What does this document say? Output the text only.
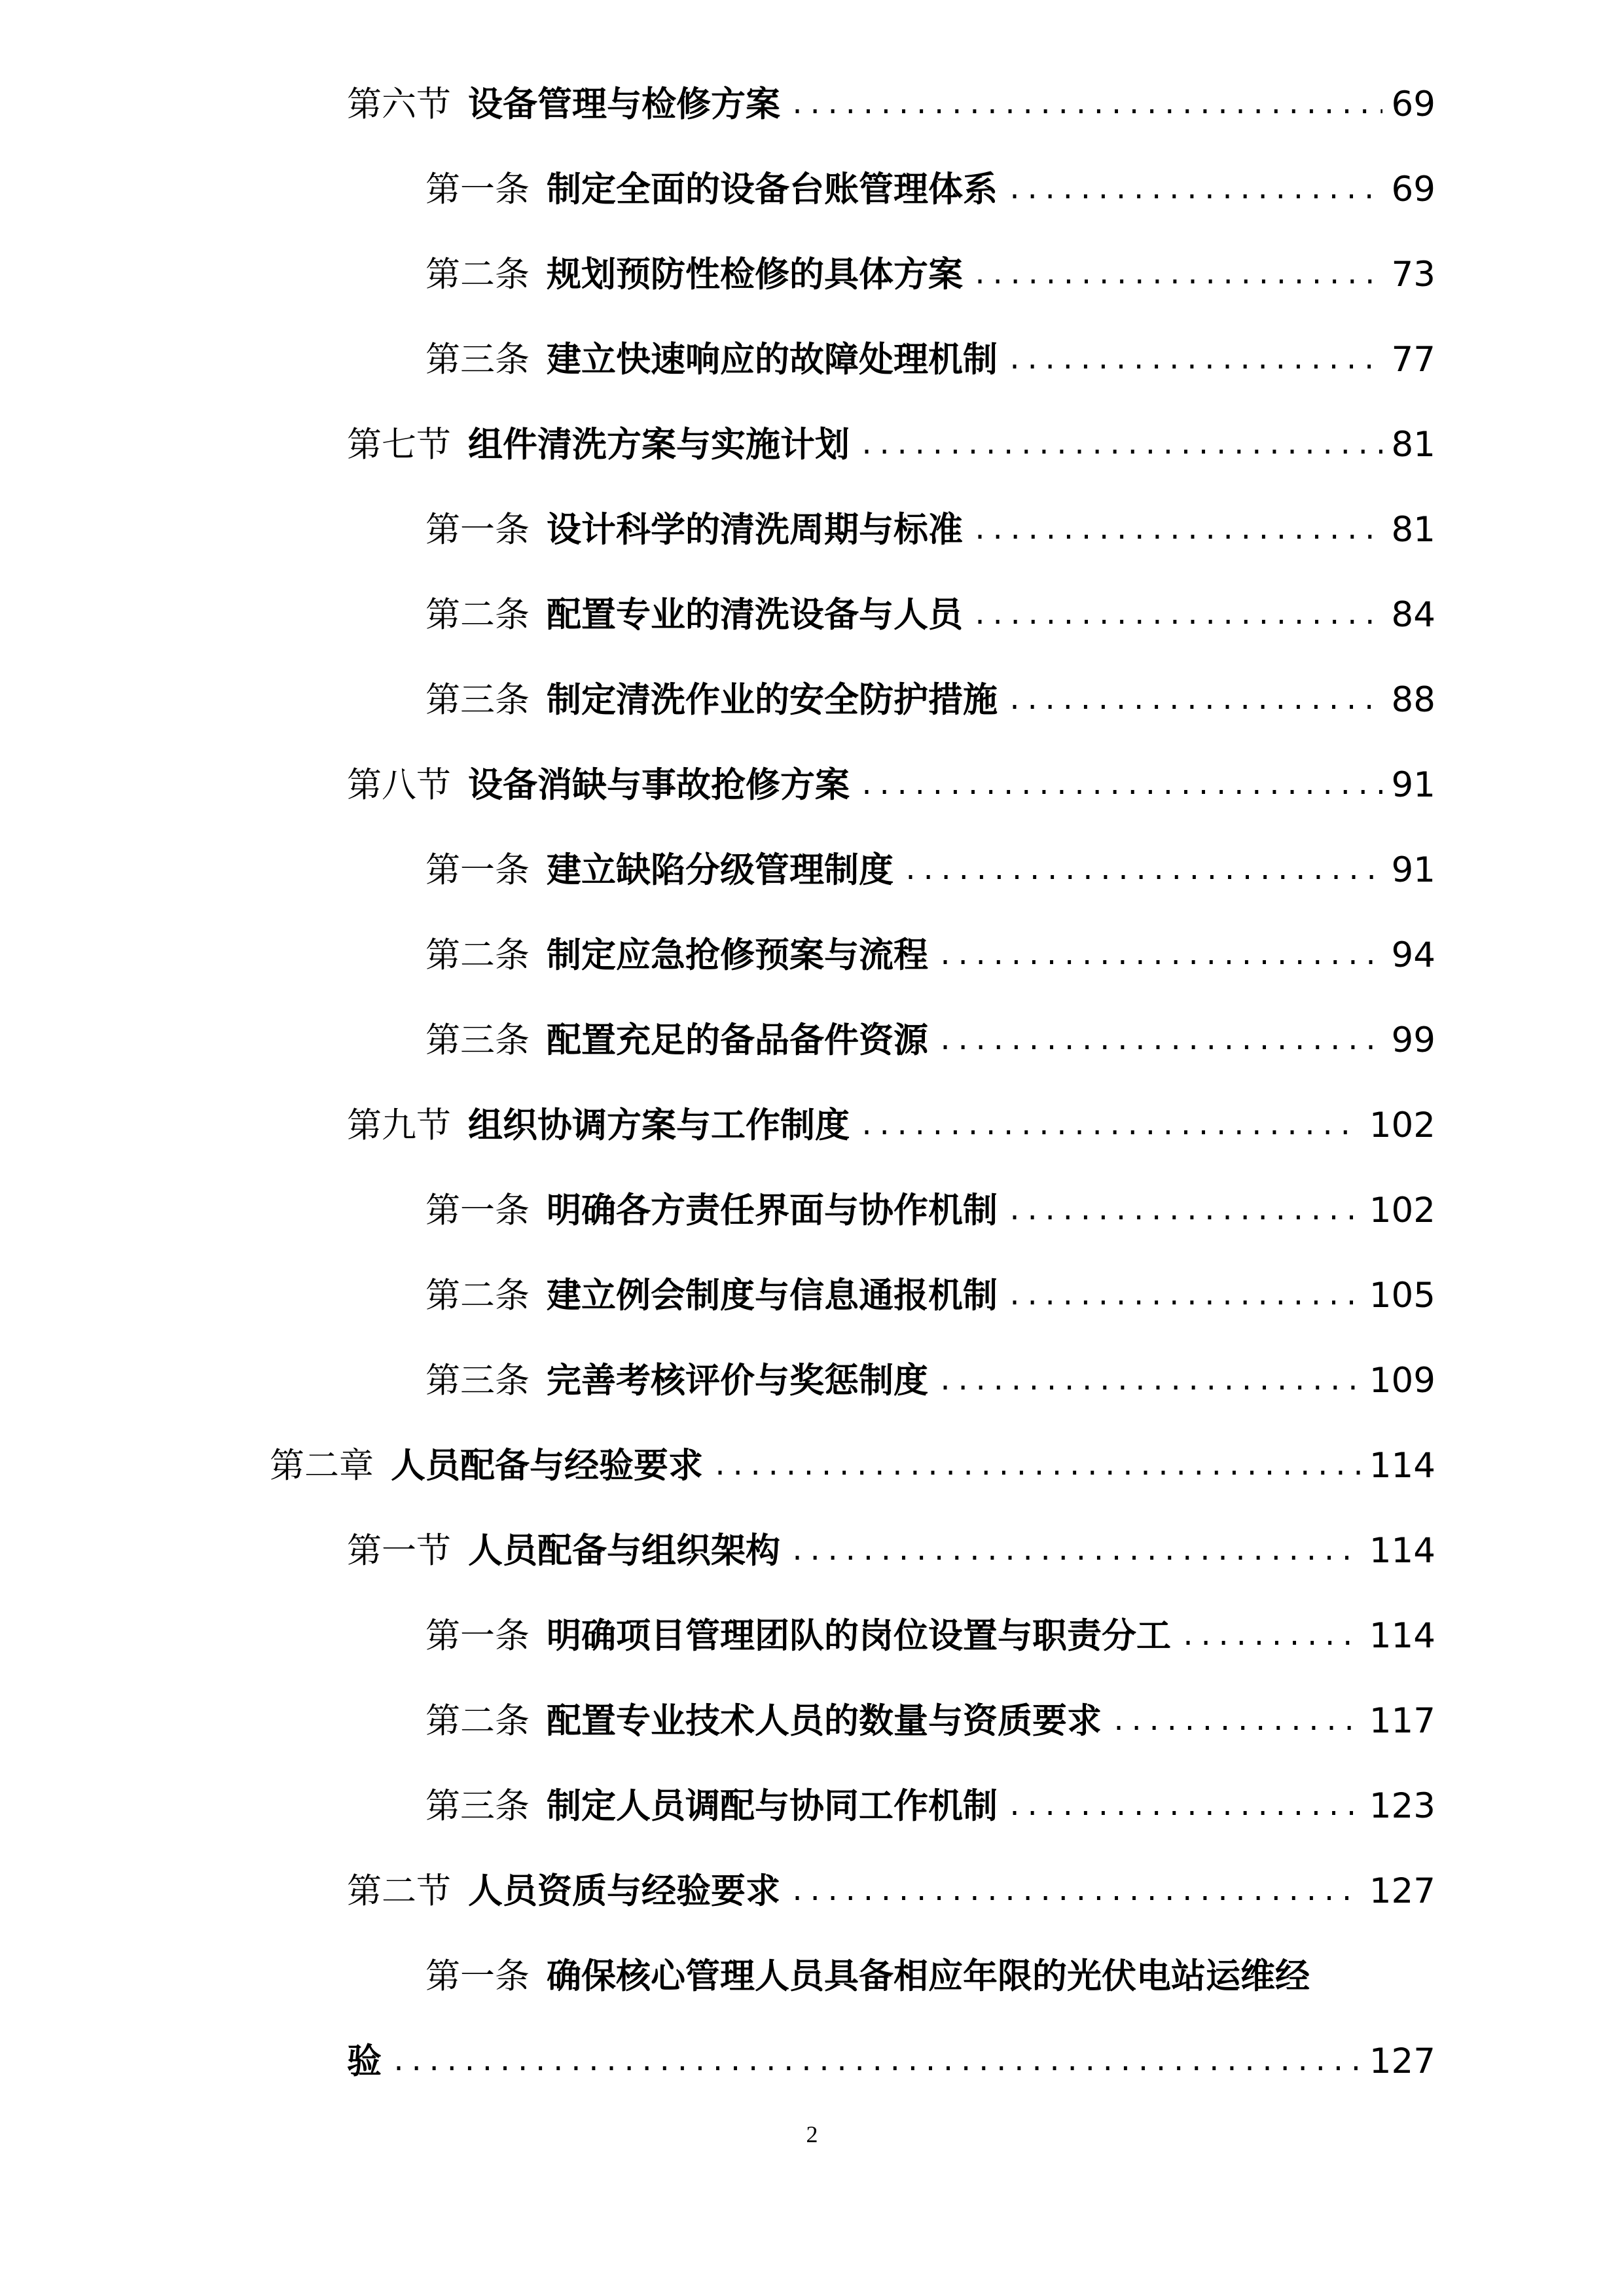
第六节 设备管理与检修方案 .....	69
第一条 制定全面的设备台账管理体系 .....	69
第二条 规划预防性检修的具体方案 .....	73
第三条 建立快速响应的故障处理机制 .....	77
第七节 组件清洗方案与实施计划 .....	81
第一条 设计科学的清洗周期与标准 .....	81
第二条 配置专业的清洗设备与人员 .....	84
第三条 制定清洗作业的安全防护措施 .....	88
第八节 设备消缺与事故抢修方案 .....	91
第一条 建立缺陷分级管理制度 .....	91
第二条 制定应急抢修预案与流程 .....	94
第三条 配置充足的备品备件资源 .....	99
第九节 组织协调方案与工作制度 .....	102
第一条 明确各方责任界面与协作机制 .....	102
第二条 建立例会制度与信息通报机制 .....	105
第三条 完善考核评价与奖惩制度 .....	109
第二章 人员配备与经验要求 .....	114
第一节 人员配备与组织架构 .....	114
第一条 明确项目管理团队的岗位设置与职责分工 .....	114
第二条 配置专业技术人员的数量与资质要求 .....	117
第三条 制定人员调配与协同工作机制 .....	123
第二节 人员资质与经验要求 .....	127
第一条 确保核心管理人员具备相应年限的光伏电站运维经
验 .....	127
2
